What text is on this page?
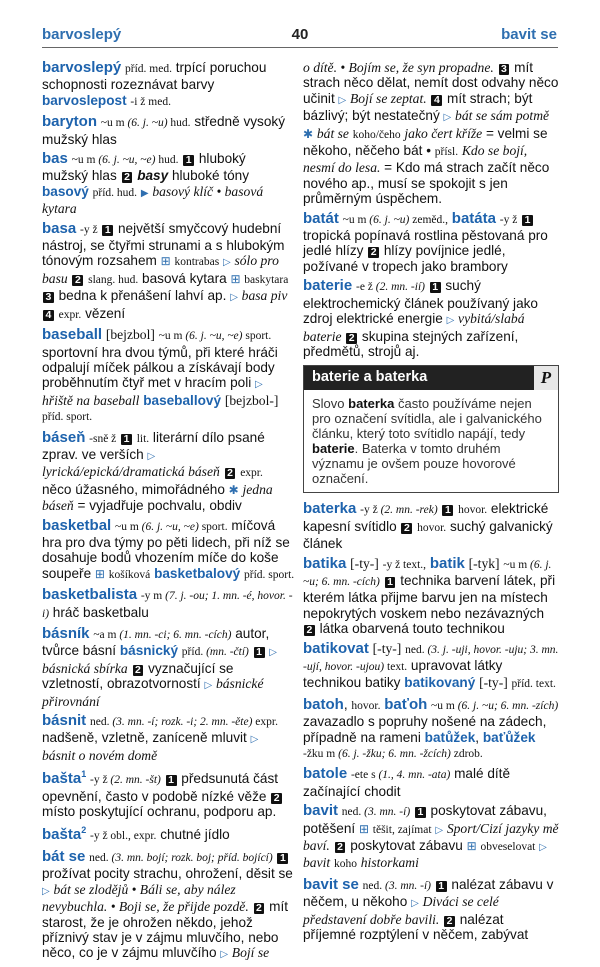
barvoslepý	40	bavit se
barvoslepý příd. med. trpící poruchou schopnosti rozeznávat barvy barvoslepost -i ž med.
baryton ~u m (6. j. ~u) hud. středně vysoký mužský hlas
bas ~u m (6. j. ~u, ~e) hud. 1 hluboký mužský hlas 2 basy hluboké tóny basový příd. hud. ▶ basový klíč • basová kytara
basa -y ž 1 největší smyčcový hudební nástroj, se čtyřmi strunami a s hlubokým tónovým rozsahem ⊞ kontrabas ▷ sólo pro basu 2 slang. hud. basová kytara ⊞ baskytara 3 bedna k přenášení lahví ap. ▷ basa piv 4 expr. vězení
baseball [bejzbol] ~u m (6. j. ~u, ~e) sport. sportovní hra dvou týmů, při které hráči odpalují míček pálkou a získávají body proběhnutím čtyř met v hracím poli ▷ hřiště na baseball baseballový [bejzbol-] příd. sport.
báseň -sně ž 1 lit. literární dílo psané zprav. ve verších ▷ lyrická/epická/dramatická báseň 2 expr. něco úžasného, mimořádného ✱ jedna báseň = vyjadřuje pochvalu, obdiv
basketbal ~u m (6. j. ~u, ~e) sport. míčová hra pro dva týmy po pěti lidech, při níž se dosahuje bodů vhozením míče do koše soupeře ⊞ košíková basketbalový příd. sport.
basketbalista -y m (7. j. -ou; 1. mn. -é, hovor. -i) hráč basketbalu
básník ~a m (1. mn. -ci; 6. mn. -cích) autor, tvůrce básní básnický příd. (mn. -čtí) 1 ▷ básnická sbírka 2 vyznačující se vzletností, obrazotvorností ▷ básnické přirovnání
básnit ned. (3. mn. -í; rozk. -i; 2. mn. -ěte) expr. nadšeně, vzletně, zaníceně mluvit ▷ básnit o novém domě
bašta$^1$ -y ž (2. mn. -št) 1 předsunutá část opevnění, často v podobě nízké věže 2 místo poskytující ochranu, podporu ap.
bašta$^2$ -y ž obl., expr. chutné jídlo
bát se ned. (3. mn. bojí; rozk. boj; příd. bojící) 1 prožívat pocity strachu, ohrožení, děsit se ▷ bát se zlodějů • Báli se, aby nález nevybuchla. • Boji se, že přijde pozdě. 2 mít starost, že je ohrožen někdo, jehož příznivý stav je v zájmu mluvčího, nebo něco, co je v zájmu mluvčího ▷ Bojí se
o dítě. • Bojím se, že syn propadne. 3 mít strach něco dělat, nemít dost odvahy něco učinit ▷ Bojí se zeptat. 4 mít strach; být bázlivý; být nestatečný ▷ bát se sám potmě ✱ bát se koho/čeho jako čert kříže = velmi se někoho, něčeho bát • přísl. Kdo se bojí, nesmí do lesa. = Kdo má strach začít něco nového ap., musí se spokojit s jen průměrným úspěchem.
batát ~u m (6. j. ~u) zeměd., batáta -y ž 1 tropická popínavá rostlina pěstovaná pro jedlé hlízy 2 hlízy povíjnice jedlé, požívané v tropech jako brambory
baterie -e ž (2. mn. -ií) 1 suchý elektrochemický článek používaný jako zdroj elektrické energie ▷ vybitá/slabá baterie 2 skupina stejných zařízení, předmětů, strojů aj.
baterie a baterka	P
Slovo baterka často používáme nejen pro označení svítidla, ale i galvanického článku, který toto svítidlo napájí, tedy baterie. Baterka v tomto druhém významu je ovšem pouze hovorové označení.
baterka -y ž (2. mn. -rek) 1 hovor. elektrické kapesní svítidlo 2 hovor. suchý galvanický článek
batika [-ty-] -y ž text., batik [-tyk] ~u m (6. j. ~u; 6. mn. -cích) 1 technika barvení látek, při kterém látka přijme barvu jen na místech nepokrytých voskem nebo nezávazných 2 látka obarvená touto technikou
batikovat [-ty-] ned. (3. j. -uji, hovor. -uju; 3. mn. -ují, hovor. -ujou) text. upravovat látky technikou batiky batikovaný [-ty-] příd. text.
batoh, hovor. baťoh ~u m (6. j. ~u; 6. mn. -zích) zavazadlo s popruhy nošené na zádech, případně na rameni batůžek, baťůžek -žku m (6. j. -žku; 6. mn. -žcích) zdrob.
batole -ete s (1., 4. mn. -ata) malé dítě začínající chodit
bavit ned. (3. mn. -í) 1 poskytovat zábavu, potěšení ⊞ těšit, zajímat ▷ Sport/Cizí jazyky mě baví. 2 poskytovat zábavu ⊞ obveselovat ▷ bavit koho historkami
bavit se ned. (3. mn. -í) 1 nalézat zábavu v něčem, u někoho ▷ Diváci se celé představení dobře bavili. 2 nalézat příjemné rozptýlení v něčem, zabývat
